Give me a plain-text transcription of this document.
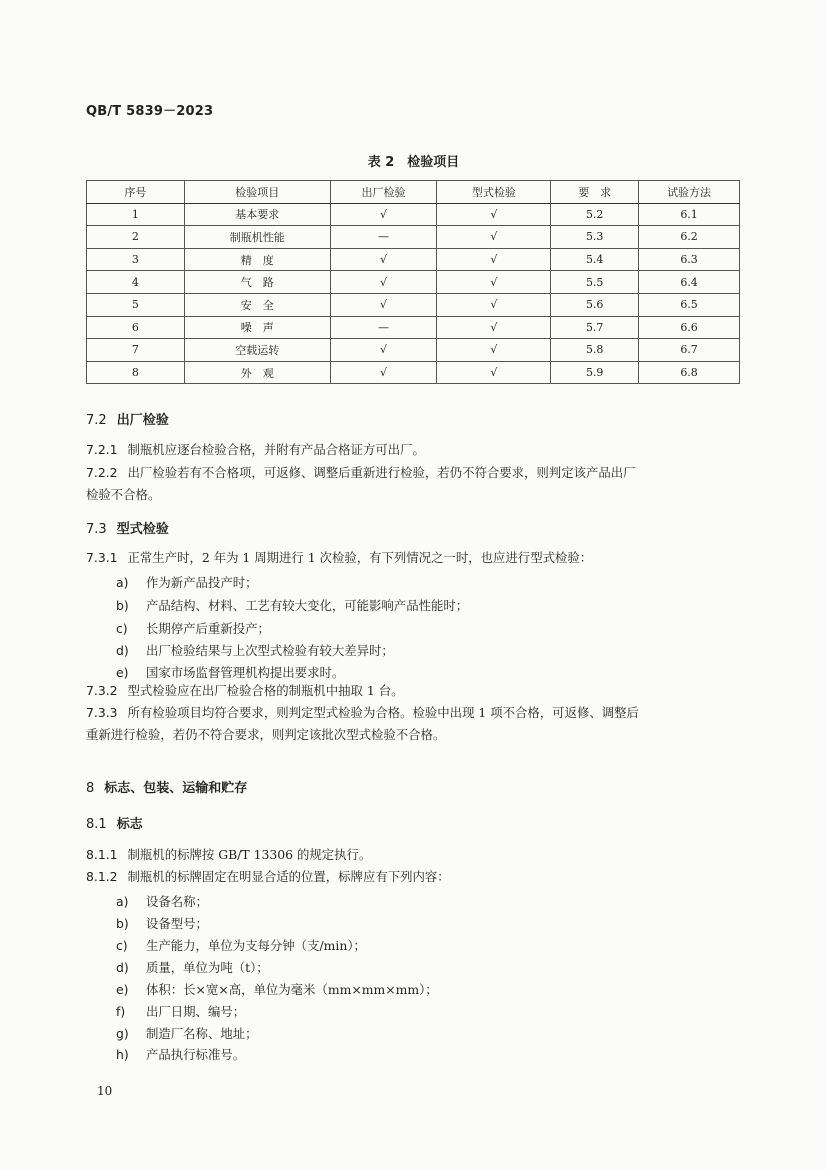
QB/T 5839－2023
表 2　检验项目
序号	检验项目	出厂检验	型式检验	要　求	试验方法
1	基本要求	√	√	5.2	6.1
2	制瓶机性能	—	√	5.3	6.2
3	精　度	√	√	5.4	6.3
4	气　路	√	√	5.5	6.4
5	安　全	√	√	5.6	6.5
6	噪　声	—	√	5.7	6.6
7	空载运转	√	√	5.8	6.7
8	外　观	√	√	5.9	6.8
7.2 出厂检验
7.2.1 制瓶机应逐台检验合格，并附有产品合格证方可出厂。
7.2.2 出厂检验若有不合格项，可返修、调整后重新进行检验，若仍不符合要求，则判定该产品出厂
检验不合格。
7.3 型式检验
7.3.1 正常生产时，2 年为 1 周期进行 1 次检验，有下列情况之一时，也应进行型式检验：
a) 作为新产品投产时；
b) 产品结构、材料、工艺有较大变化，可能影响产品性能时；
c) 长期停产后重新投产；
d) 出厂检验结果与上次型式检验有较大差异时；
e) 国家市场监督管理机构提出要求时。
7.3.2 型式检验应在出厂检验合格的制瓶机中抽取 1 台。
7.3.3 所有检验项目均符合要求，则判定型式检验为合格。检验中出现 1 项不合格，可返修、调整后
重新进行检验，若仍不符合要求，则判定该批次型式检验不合格。
8 标志、包装、运输和贮存
8.1 标志
8.1.1 制瓶机的标牌按 GB/T 13306 的规定执行。
8.1.2 制瓶机的标牌固定在明显合适的位置，标牌应有下列内容：
a) 设备名称；
b) 设备型号；
c) 生产能力，单位为支每分钟（支/min）；
d) 质量，单位为吨（t）；
e) 体积：长×宽×高，单位为毫米（mm×mm×mm）；
f) 出厂日期、编号；
g) 制造厂名称、地址；
h) 产品执行标准号。
10
